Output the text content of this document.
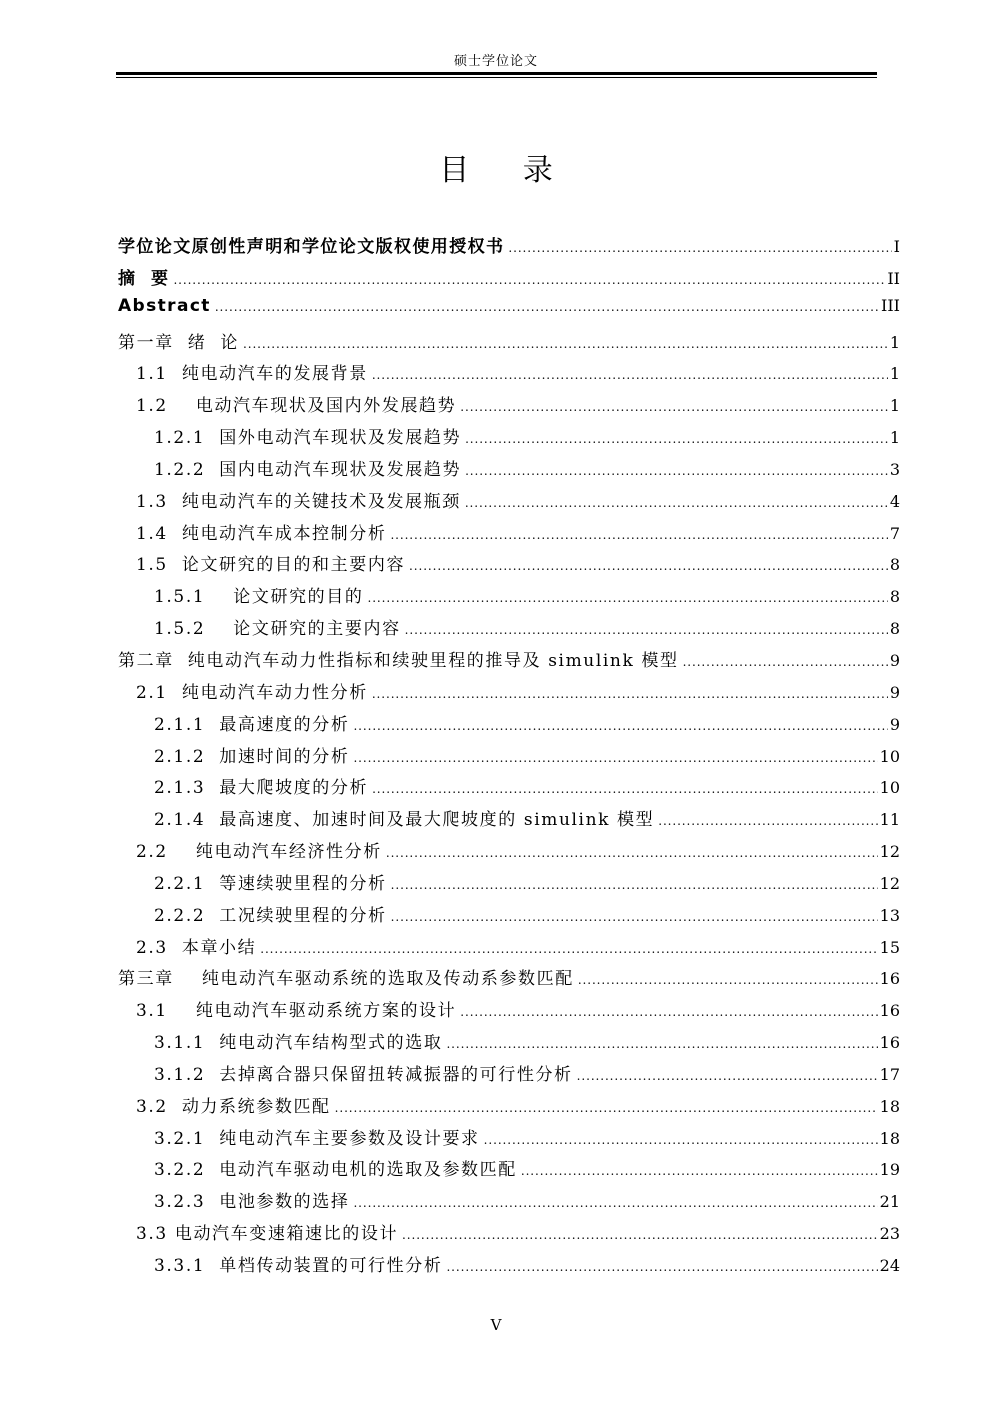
硕士学位论文
目 录
学位论文原创性声明和学位论文版权使用授权书 .....	I
摘  要 .....	II
Abstract .....	III
第一章  绪  论 .....	1
1.1  纯电动汽车的发展背景 .....	1
1.2    电动汽车现状及国内外发展趋势 .....	1
1.2.1  国外电动汽车现状及发展趋势 .....	1
1.2.2  国内电动汽车现状及发展趋势 .....	3
1.3  纯电动汽车的关键技术及发展瓶颈 .....	4
1.4  纯电动汽车成本控制分析 .....	7
1.5  论文研究的目的和主要内容 .....	8
1.5.1    论文研究的目的 .....	8
1.5.2    论文研究的主要内容 .....	8
第二章  纯电动汽车动力性指标和续驶里程的推导及 simulink 模型 .....	9
2.1  纯电动汽车动力性分析 .....	9
2.1.1  最高速度的分析 .....	9
2.1.2  加速时间的分析 .....	10
2.1.3  最大爬坡度的分析 .....	10
2.1.4  最高速度、加速时间及最大爬坡度的 simulink 模型 .....	11
2.2    纯电动汽车经济性分析 .....	12
2.2.1  等速续驶里程的分析 .....	12
2.2.2  工况续驶里程的分析 .....	13
2.3  本章小结 .....	15
第三章    纯电动汽车驱动系统的选取及传动系参数匹配 .....	16
3.1    纯电动汽车驱动系统方案的设计 .....	16
3.1.1  纯电动汽车结构型式的选取 .....	16
3.1.2  去掉离合器只保留扭转减振器的可行性分析 .....	17
3.2  动力系统参数匹配 .....	18
3.2.1  纯电动汽车主要参数及设计要求 .....	18
3.2.2  电动汽车驱动电机的选取及参数匹配 .....	19
3.2.3  电池参数的选择 .....	21
3.3 电动汽车变速箱速比的设计 .....	23
3.3.1  单档传动装置的可行性分析 .....	24
V
